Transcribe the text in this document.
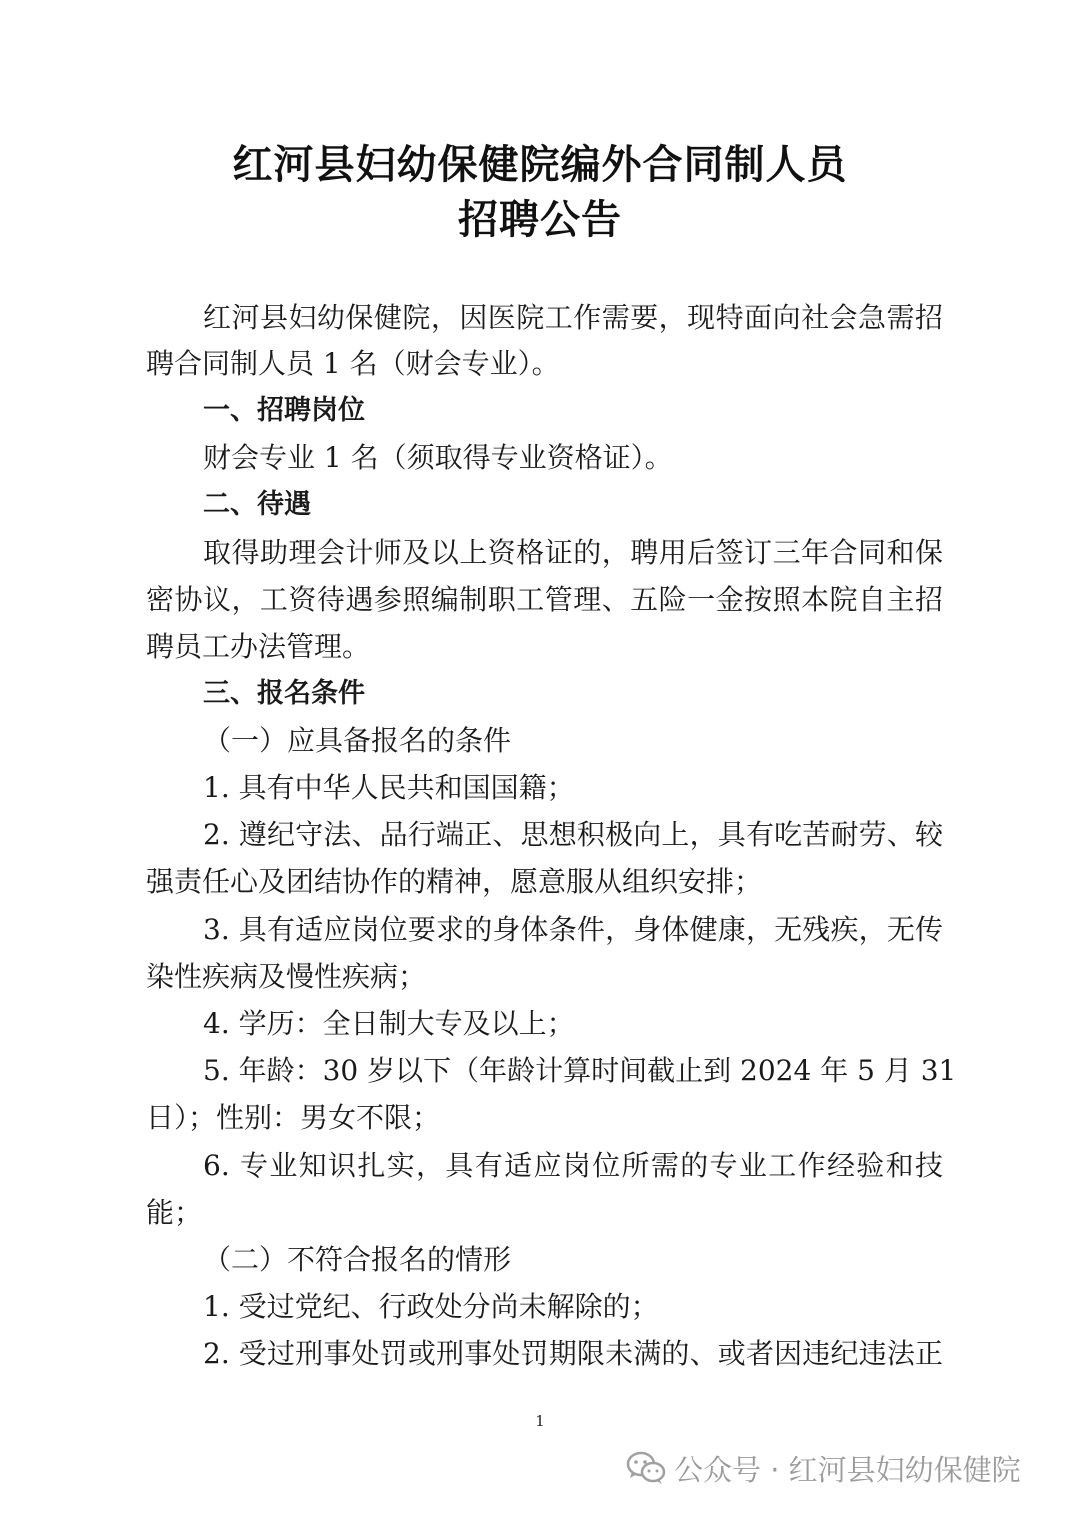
红河县妇幼保健院编外合同制人员
招聘公告
红河县妇幼保健院，因医院工作需要，现特面向社会急需招
聘合同制人员 1 名（财会专业）。
一、招聘岗位
财会专业 1 名（须取得专业资格证）。
二、待遇
取得助理会计师及以上资格证的，聘用后签订三年合同和保
密协议，工资待遇参照编制职工管理、五险一金按照本院自主招
聘员工办法管理。
三、报名条件
（一）应具备报名的条件
1. 具有中华人民共和国国籍；
2. 遵纪守法、品行端正、思想积极向上，具有吃苦耐劳、较
强责任心及团结协作的精神，愿意服从组织安排；
3. 具有适应岗位要求的身体条件，身体健康，无残疾，无传
染性疾病及慢性疾病；
4. 学历：全日制大专及以上；
5. 年龄：30 岁以下（年龄计算时间截止到 2024 年 5 月 31
日）；性别：男女不限；
6. 专业知识扎实，具有适应岗位所需的专业工作经验和技
能；
（二）不符合报名的情形
1. 受过党纪、行政处分尚未解除的；
2. 受过刑事处罚或刑事处罚期限未满的、或者因违纪违法正
1
公众号 · 红河县妇幼保健院
